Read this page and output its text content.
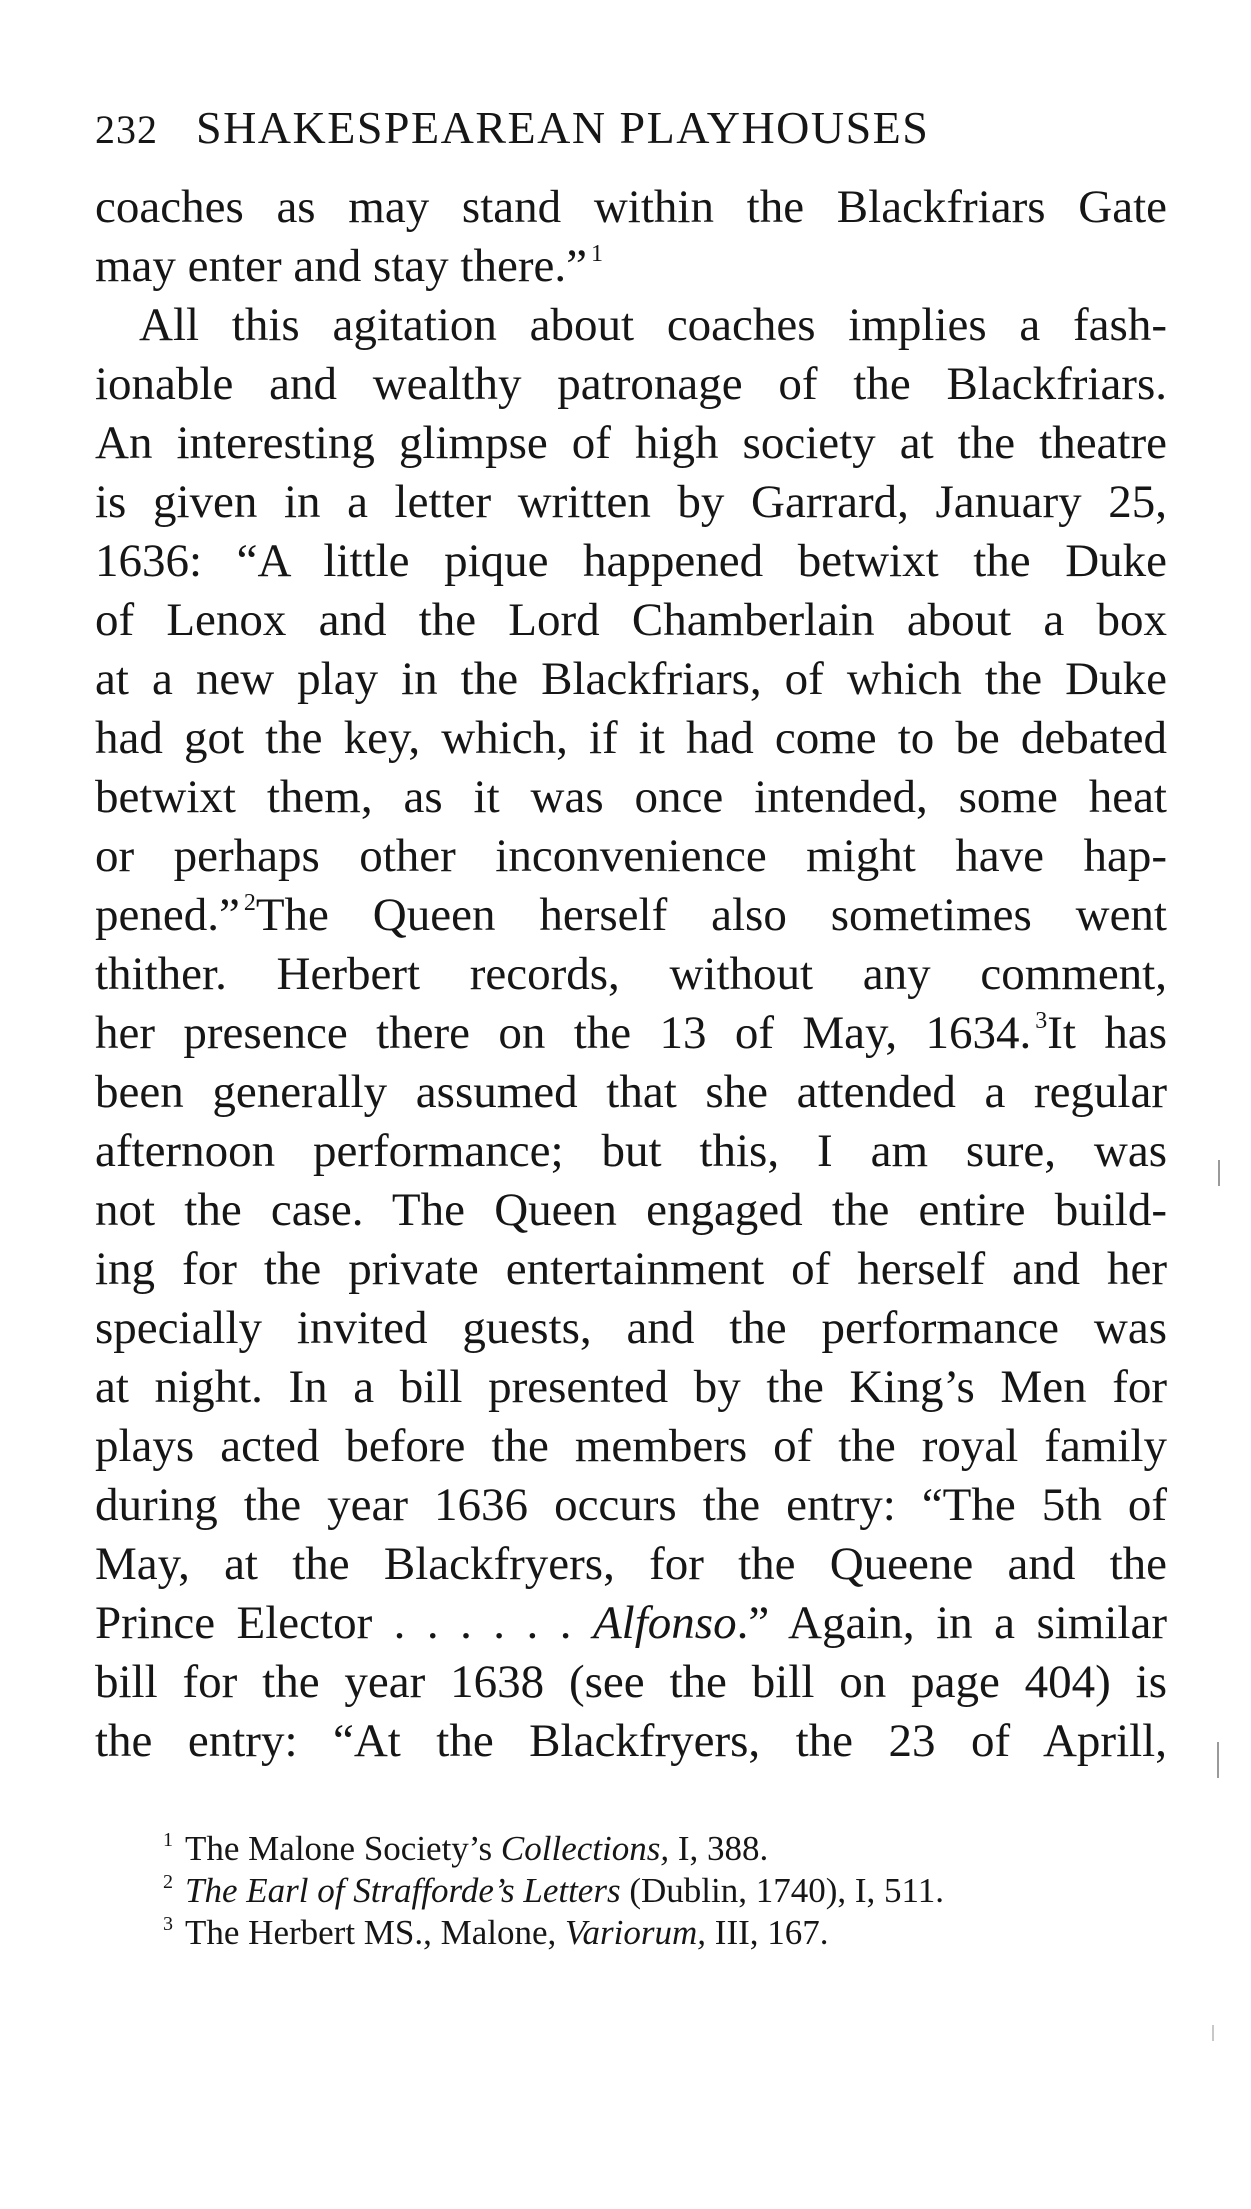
232 SHAKESPEAREAN PLAYHOUSES
coaches as may stand within the Blackfriars Gate
may enter and stay there.” $^1$
All this agitation about coaches implies a fash-
ionable and wealthy patronage of the Blackfriars.
An interesting glimpse of high society at the theatre
is given in a letter written by Garrard, January 25,
1636: “A little pique happened betwixt the Duke
of Lenox and the Lord Chamberlain about a box
at a new play in the Blackfriars, of which the Duke
had got the key, which, if it had come to be debated
betwixt them, as it was once intended, some heat
or perhaps other inconvenience might have hap-
pened.” $^2$The Queen herself also sometimes went
thither. Herbert records, without any comment,
her presence there on the 13 of May, 1634. $^3$It has
been generally assumed that she attended a regular
afternoon performance; but this, I am sure, was
not the case. The Queen engaged the entire build-
ing for the private entertainment of herself and her
specially invited guests, and the performance was
at night. In a bill presented by the King’s Men for
plays acted before the members of the royal family
during the year 1636 occurs the entry: “The 5th of
May, at the Blackfryers, for the Queene and the
Prince Elector . . . . . . Alfonso.” Again, in a similar
bill for the year 1638 (see the bill on page 404) is
the entry: “At the Blackfryers, the 23 of Aprill,
$^1$ The Malone Society’s Collections, I, 388.
$^2$ The Earl of Strafforde’s Letters (Dublin, 1740), I, 511.
$^3$ The Herbert MS., Malone, Variorum, III, 167.
